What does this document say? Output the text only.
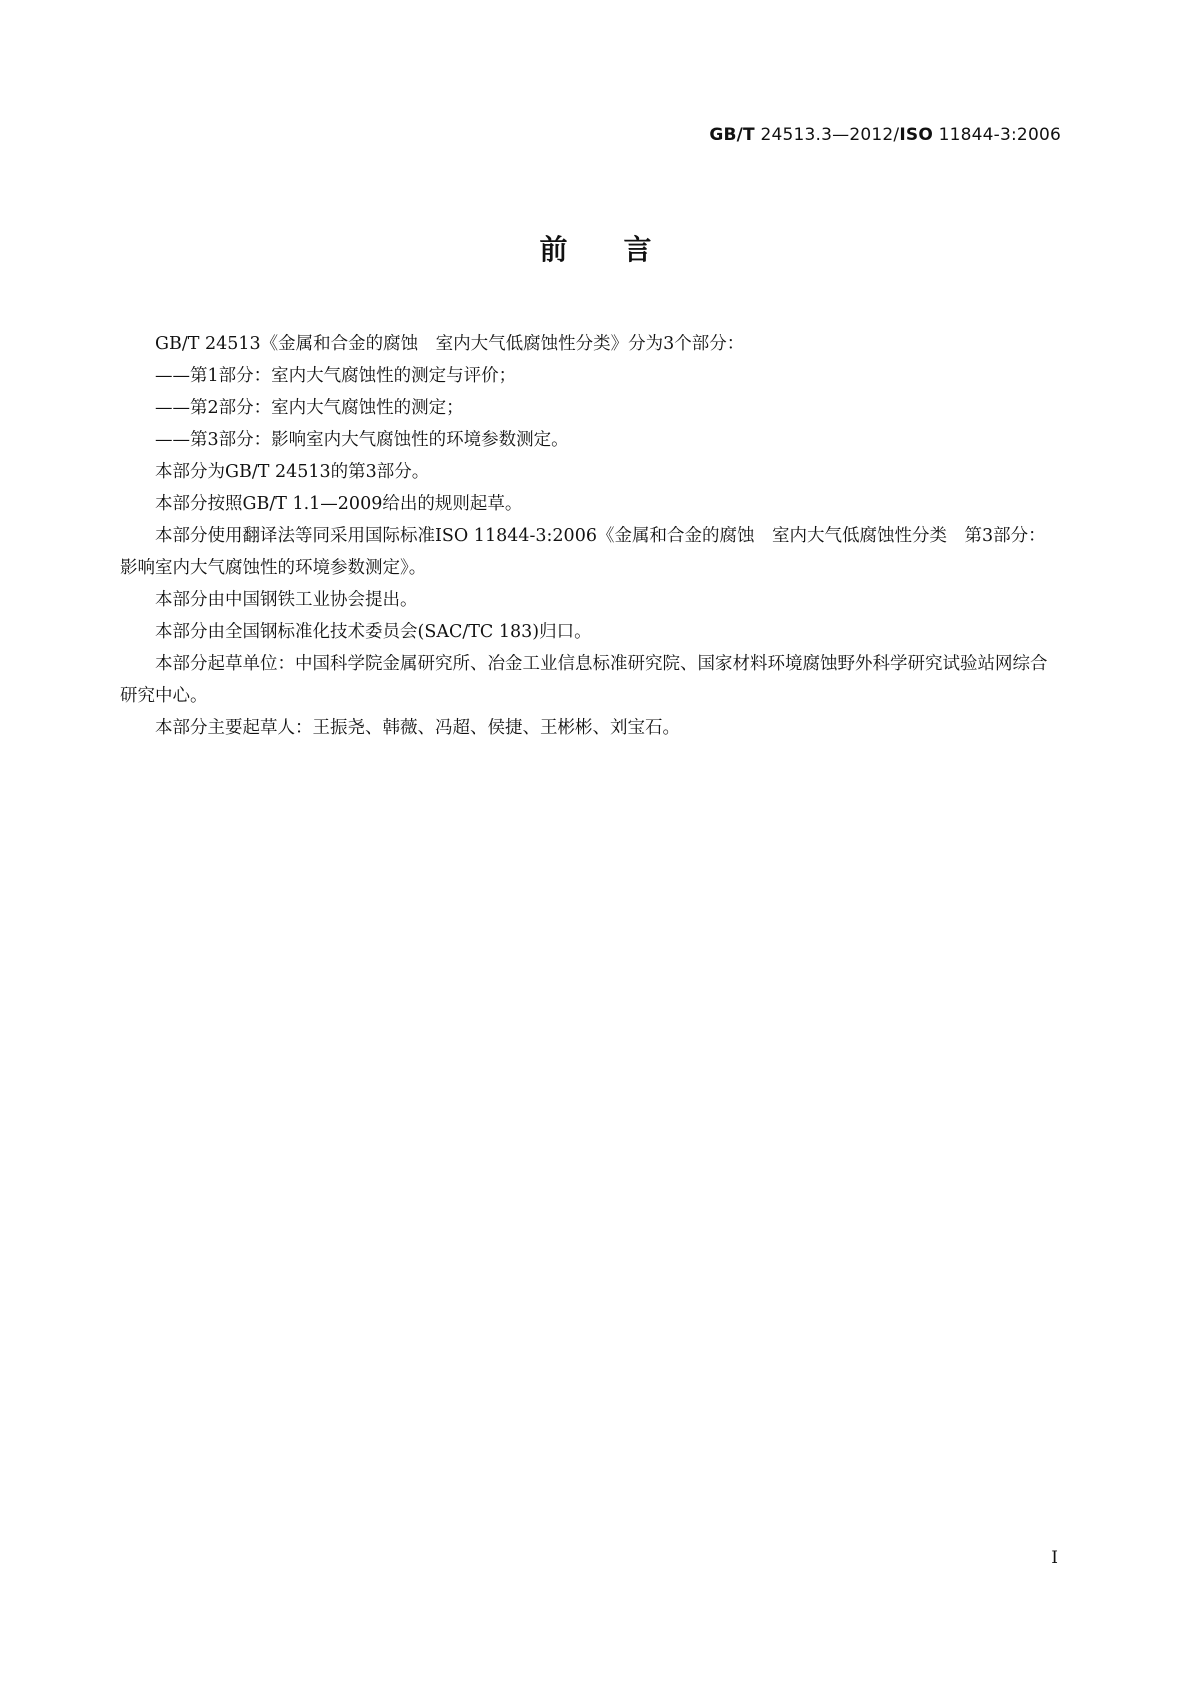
GB/T 24513.3—2012/ISO 11844-3:2006
前言

GB/T 24513《金属和合金的腐蚀　室内大气低腐蚀性分类》分为3个部分：

——第1部分：室内大气腐蚀性的测定与评价；

——第2部分：室内大气腐蚀性的测定；

——第3部分：影响室内大气腐蚀性的环境参数测定。

本部分为GB/T 24513的第3部分。

本部分按照GB/T 1.1—2009给出的规则起草。

本部分使用翻译法等同采用国际标准ISO 11844-3:2006《金属和合金的腐蚀　室内大气低腐蚀性分类　第3部分：影响室内大气腐蚀性的环境参数测定》。

本部分由中国钢铁工业协会提出。

本部分由全国钢标准化技术委员会(SAC/TC 183)归口。

本部分起草单位：中国科学院金属研究所、冶金工业信息标准研究院、国家材料环境腐蚀野外科学研究试验站网综合研究中心。

本部分主要起草人：王振尧、韩薇、冯超、侯捷、王彬彬、刘宝石。

I
